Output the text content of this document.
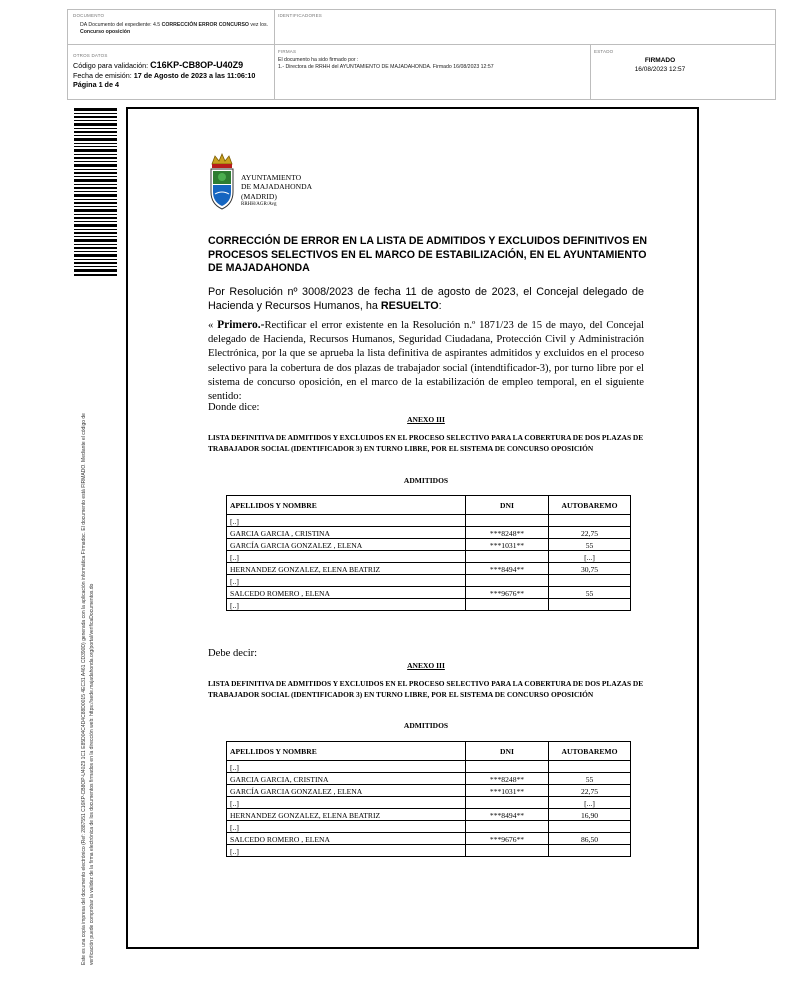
DOCUMENTO
DA Documento del expediente: 4.5 CORRECCIÓN ERROR CONCURSO vez los.
Concurso oposición
IDENTIFICADORES
OTROS DATOS
Código para validación: C16KP-CB8OP-U40Z9
Fecha de emisión: 17 de Agosto de 2023 a las 11:06:10
Página 1 de 4
FIRMAS
El documento ha sido firmado por :
1.- Directora de RRHH del AYUNTAMIENTO DE MAJADAHONDA. Firmado 16/08/2023 12:57
ESTADO
FIRMADO
16/08/2023 12:57
Este es una copia impresa del documento electrónico (Ref: 2887551 C16KP-CB8OP-U40Z9 1C1 E85D04C4D4C88D0015 4EC31 A461 CD390D) generada con la aplicación informática Firmadoc. El documento está FIRMADO. Mediante el código de verificación puede comprobar la validez de la firma electrónica de los documentos firmados en la dirección web: https://sede.majadahonda.org/portal/verificaDocumentos.do
AYUNTAMIENTO
DE MAJADAHONDA
(MADRID)
RRHH/AGR/Avg
CORRECCIÓN DE ERROR EN LA LISTA DE ADMITIDOS Y EXCLUIDOS DEFINITIVOS EN PROCESOS SELECTIVOS EN EL MARCO DE ESTABILIZACIÓN, EN EL AYUNTAMIENTO DE MAJADAHONDA
Por Resolución nº 3008/2023 de fecha 11 de agosto de 2023, el Concejal delegado de Hacienda y Recursos Humanos, ha RESUELTO:
« Primero.-Rectificar el error existente en la Resolución n.º 1871/23 de 15 de mayo, del Concejal delegado de Hacienda, Recursos Humanos, Seguridad Ciudadana, Protección Civil y Administración Electrónica, por la que se aprueba la lista definitiva de aspirantes admitidos y excluidos en el proceso selectivo para la cobertura de dos plazas de trabajador social (intendtificador-3), por turno libre por el sistema de concurso oposición, en el marco de la estabilización de empleo temporal, en el siguiente sentido:
Donde dice:
ANEXO III
LISTA DEFINITIVA DE ADMITIDOS Y EXCLUIDOS EN EL PROCESO SELECTIVO PARA LA COBERTURA DE DOS PLAZAS DE TRABAJADOR SOCIAL (IDENTIFICADOR 3) EN TURNO LIBRE, POR EL SISTEMA DE CONCURSO OPOSICIÓN
ADMITIDOS
APELLIDOS Y NOMBRE	DNI	AUTOBAREMO
[..]		
GARCIA GARCIA , CRISTINA	***8248**	22,75
GARCÍA GARCIA GONZALEZ , ELENA	***1031**	55
[..]		[...]
HERNANDEZ GONZALEZ, ELENA BEATRIZ	***8494**	30,75
[..]		
SALCEDO ROMERO , ELENA	***9676**	55
[..]		
Debe decir:
ANEXO III
LISTA DEFINITIVA DE ADMITIDOS Y EXCLUIDOS EN EL PROCESO SELECTIVO PARA LA COBERTURA DE DOS PLAZAS DE TRABAJADOR SOCIAL (IDENTIFICADOR 3) EN TURNO LIBRE, POR EL SISTEMA DE CONCURSO OPOSICIÓN
ADMITIDOS
APELLIDOS Y NOMBRE	DNI	AUTOBAREMO
[..]		
GARCIA GARCIA, CRISTINA	***8248**	55
GARCÍA GARCIA GONZALEZ , ELENA	***1031**	22,75
[..]		[...]
HERNANDEZ GONZALEZ, ELENA BEATRIZ	***8494**	16,90
[..]		
SALCEDO ROMERO , ELENA	***9676**	86,50
[..]		
